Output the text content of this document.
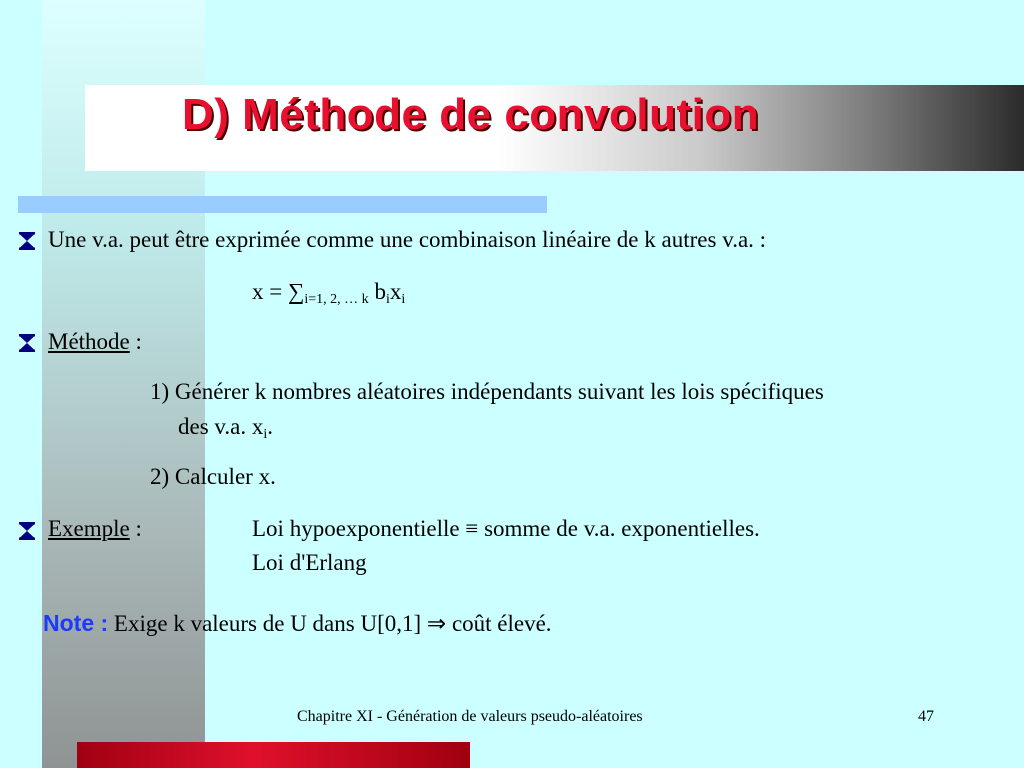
D) Méthode de convolution
Une v.a. peut être exprimée comme une combinaison linéaire de k autres v.a. :
$x = \sum_{i=1, 2, \dots k}$ $b_ix_i$
Méthode :
1) Générer k nombres aléatoires indépendants suivant les lois spécifiques
des v.a. $x_i$.
2) Calculer x.
Exemple :	Loi hypoexponentielle ≡ somme de v.a. exponentielles.
Loi d'Erlang
Note : Exige k valeurs de U dans U[0,1] ⇒ coût élevé.
Chapitre XI - Génération de valeurs pseudo-aléatoires	47
